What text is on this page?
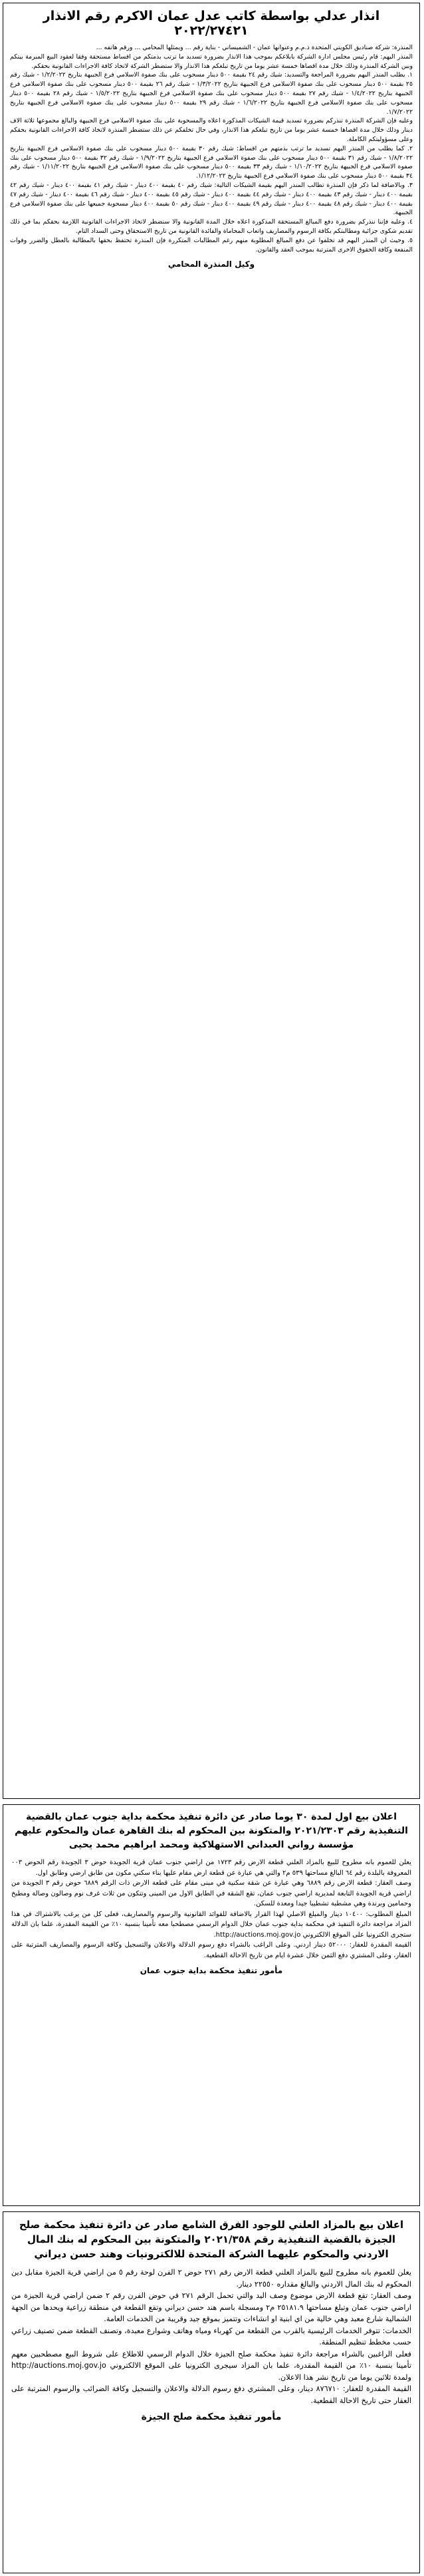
انذار عدلي بواسطة كاتب عدل عمان الاكرم رقم الانذار ٢٠٢٢/٢٧٤٢١

المنذرة: شركة صناديق الكويتي المتحدة ذ.م.م وعنوانها عمان - الشميساني - بناية رقم ... ويمثلها المحامي ... ورقم هاتفه ...

المنذر اليهم: قام رئيس مجلس ادارة الشركة بابلاغكم بموجب هذا الانذار بضرورة تسديد ما ترتب بذمتكم من اقساط مستحقة وفقا لعقود البيع المبرمة بينكم وبين الشركة المنذرة وذلك خلال مدة اقصاها خمسة عشر يوما من تاريخ تبلغكم هذا الانذار والا ستضطر الشركة لاتخاذ كافة الاجراءات القانونية بحقكم.

١. يطلب المنذر اليهم بضرورة المراجعة والتسديد: شيك رقم ٢٤ بقيمة ٥٠٠ دينار مسحوب على بنك صفوة الاسلامي فرع الجبيهة بتاريخ ١/٢/٢٠٢٢ - شيك رقم ٢٥ بقيمة ٥٠٠ دينار مسحوب على بنك صفوة الاسلامي فرع الجبيهة بتاريخ ١/٣/٢٠٢٢ - شيك رقم ٢٦ بقيمة ٥٠٠ دينار مسحوب على بنك صفوة الاسلامي فرع الجبيهة بتاريخ ١/٤/٢٠٢٢ - شيك رقم ٢٧ بقيمة ٥٠٠ دينار مسحوب على بنك صفوة الاسلامي فرع الجبيهة بتاريخ ١/٥/٢٠٢٢ - شيك رقم ٢٨ بقيمة ٥٠٠ دينار مسحوب على بنك صفوة الاسلامي فرع الجبيهة بتاريخ ١/٦/٢٠٢٢ - شيك رقم ٢٩ بقيمة ٥٠٠ دينار مسحوب على بنك صفوة الاسلامي فرع الجبيهة بتاريخ ١/٧/٢٠٢٢.

وعليه فإن الشركة المنذرة تنذركم بضرورة تسديد قيمة الشيكات المذكورة اعلاه والمسحوبة على بنك صفوة الاسلامي فرع الجبيهة والبالغ مجموعها ثلاثة الاف دينار وذلك خلال مدة اقصاها خمسة عشر يوما من تاريخ تبلغكم هذا الانذار، وفي حال تخلفكم عن ذلك ستضطر المنذرة لاتخاذ كافة الاجراءات القانونية بحقكم وعلى مسؤوليتكم الكاملة.

٢. كما يطلب من المنذر اليهم تسديد ما ترتب بذمتهم من اقساط: شيك رقم ٣٠ بقيمة ٥٠٠ دينار مسحوب على بنك صفوة الاسلامي فرع الجبيهة بتاريخ ١/٨/٢٠٢٢ - شيك رقم ٣١ بقيمة ٥٠٠ دينار مسحوب على بنك صفوة الاسلامي فرع الجبيهة بتاريخ ١/٩/٢٠٢٢ - شيك رقم ٣٢ بقيمة ٥٠٠ دينار مسحوب على بنك صفوة الاسلامي فرع الجبيهة بتاريخ ١/١٠/٢٠٢٢ - شيك رقم ٣٣ بقيمة ٥٠٠ دينار مسحوب على بنك صفوة الاسلامي فرع الجبيهة بتاريخ ١/١١/٢٠٢٢ - شيك رقم ٣٤ بقيمة ٥٠٠ دينار مسحوب على بنك صفوة الاسلامي فرع الجبيهة بتاريخ ١/١٢/٢٠٢٢.

٣. وبالاضافة لما ذكر فإن المنذرة تطالب المنذر اليهم بقيمة الشيكات التالية: شيك رقم ٤٠ بقيمة ٤٠٠ دينار - شيك رقم ٤١ بقيمة ٤٠٠ دينار - شيك رقم ٤٢ بقيمة ٤٠٠ دينار - شيك رقم ٤٣ بقيمة ٤٠٠ دينار - شيك رقم ٤٤ بقيمة ٤٠٠ دينار - شيك رقم ٤٥ بقيمة ٤٠٠ دينار - شيك رقم ٤٦ بقيمة ٤٠٠ دينار - شيك رقم ٤٧ بقيمة ٤٠٠ دينار - شيك رقم ٤٨ بقيمة ٤٠٠ دينار - شيك رقم ٤٩ بقيمة ٤٠٠ دينار - شيك رقم ٥٠ بقيمة ٤٠٠ دينار مسحوبة جميعها على بنك صفوة الاسلامي فرع الجبيهة.

٤. وعليه فإننا ننذركم بضرورة دفع المبالغ المستحقة المذكورة اعلاه خلال المدة القانونية والا سنضطر لاتخاذ الاجراءات القانونية اللازمة بحقكم بما في ذلك تقديم شكوى جزائية ومطالبتكم بكافة الرسوم والمصاريف واتعاب المحاماة والفائدة القانونية من تاريخ الاستحقاق وحتى السداد التام.

٥. وحيث ان المنذر اليهم قد تخلفوا عن دفع المبالغ المطلوبة منهم رغم المطالبات المتكررة فإن المنذرة تحتفظ بحقها بالمطالبة بالعطل والضرر وفوات المنفعة وكافة الحقوق الاخرى المترتبة بموجب العقد والقانون.

وكيل المنذرة المحامي
اعلان بيع اول لمدة ٣٠ يوما صادر عن دائرة تنفيذ محكمة بداية جنوب عمان بالقضية التنفيذية رقم ٢٠٢١/٢٣٠٣ والمتكونة بين المحكوم له بنك القاهرة عمان والمحكوم عليهم مؤسسة رواني العبداني الاستهلاكية ومحمد ابراهيم محمد يحيى

يعلن للعموم بانه مطروح للبيع بالمزاد العلني قطعة الارض رقم ١٧٢٣ من اراضي جنوب عمان قرية الجويدة حوض ٣ الجويدة رقم الحوض ٠٠٣ المعروفة بالبلدة رقم ٦٤ البالغ مساحتها ٥٣٩ م٢ والتي هي عبارة عن قطعة ارض مقام عليها بناء سكني مكون من طابق ارضي وطابق اول.

وصف العقار: قطعة الارض رقم ٦٨٨٩ وهي عبارة عن شقة سكنية في مبنى مقام على قطعة الارض ذات الرقم ٦٨٨٩ حوض رقم ٣ الجويدة من اراضي قرية الجويدة التابعة لمديرية اراضي جنوب عمان، تقع الشقة في الطابق الاول من المبنى وتتكون من ثلاث غرف نوم وصالون وصالة ومطبخ وحمامين وبرندة وهي مشطبة تشطيبا جيدا ومعدة للسكن.

المبلغ المطلوب: ١٠٤٠٠ دينار والمبلغ الاصلي لهذا القرار بالاضافة للفوائد القانونية والرسوم والمصاريف، فعلى كل من يرغب بالاشتراك في هذا المزاد مراجعة دائرة التنفيذ في محكمة بداية جنوب عمان خلال الدوام الرسمي مصطحبا معه تأمينا بنسبة ١٠٪ من القيمة المقدرة، علما بان الدلالة ستجرى الكترونيا على الموقع الالكتروني http://auctions.moj.gov.jo.

القيمة المقدرة للعقار: ٥٢٠٠٠ دينار اردني. وعلى الراغب بالشراء دفع رسوم الدلالة والاعلان والتسجيل وكافة الرسوم والمصاريف المترتبة على العقار، وعلى المشتري دفع الثمن خلال عشرة ايام من تاريخ الاحالة القطعية.

مأمور تنفيذ محكمة بداية جنوب عمان
اعلان بيع بالمزاد العلني للوجود الفرق الشامع صادر عن دائرة تنفيذ محكمة صلح الجيزة بالقضية التنفيذية رقم ٢٠٢١/٣٥٨ والمتكونة بين المحكوم له بنك المال الاردني والمحكوم عليهما الشركة المتحدة للالكترونيات وهند حسن ديراني

يعلن للعموم بانه مطروح للبيع بالمزاد العلني قطعة الارض رقم ٢٧١ حوض ٢ الفرن لوحة رقم ٥ من اراضي قرية الجيزة مقابل دين المحكوم له بنك المال الاردني والبالغ مقداره ٢٢٥٥٠ دينار.

وصف العقار: تقع قطعة الارض موضوع وصف اليد والتي تحمل الرقم ٢٧١ في حوض الفرن رقم ٢ ضمن اراضي قرية الجيزة من اراضي جنوب عمان وتبلغ مساحتها ٢٥١٨١.٩ م٢ ومسجلة باسم هند حسن ديراني وتقع القطعة في منطقة زراعية ويحدها من الجهة الشمالية شارع معبد وهي خالية من اي ابنية او انشاءات وتتميز بموقع جيد وقريبة من الخدمات العامة.

الخدمات: تتوفر الخدمات الرئيسية بالقرب من القطعة من كهرباء ومياه وهاتف وشوارع معبدة، وتصنف القطعة ضمن تصنيف زراعي حسب مخطط تنظيم المنطقة.

فعلى الراغبين بالشراء مراجعة دائرة تنفيذ محكمة صلح الجيزة خلال الدوام الرسمي للاطلاع على شروط البيع مصطحبين معهم تأمينا بنسبة ١٠٪ من القيمة المقدرة، علما بان المزاد سيجرى الكترونيا على الموقع الالكتروني http://auctions.moj.gov.jo ولمدة ثلاثين يوما من تاريخ نشر هذا الاعلان.

القيمة المقدرة للعقار: ٨٧٦٧١٠ دينار، وعلى المشتري دفع رسوم الدلالة والاعلان والتسجيل وكافة الضرائب والرسوم المترتبة على العقار حتى تاريخ الاحالة القطعية.

مأمور تنفيذ محكمة صلح الجيزة
